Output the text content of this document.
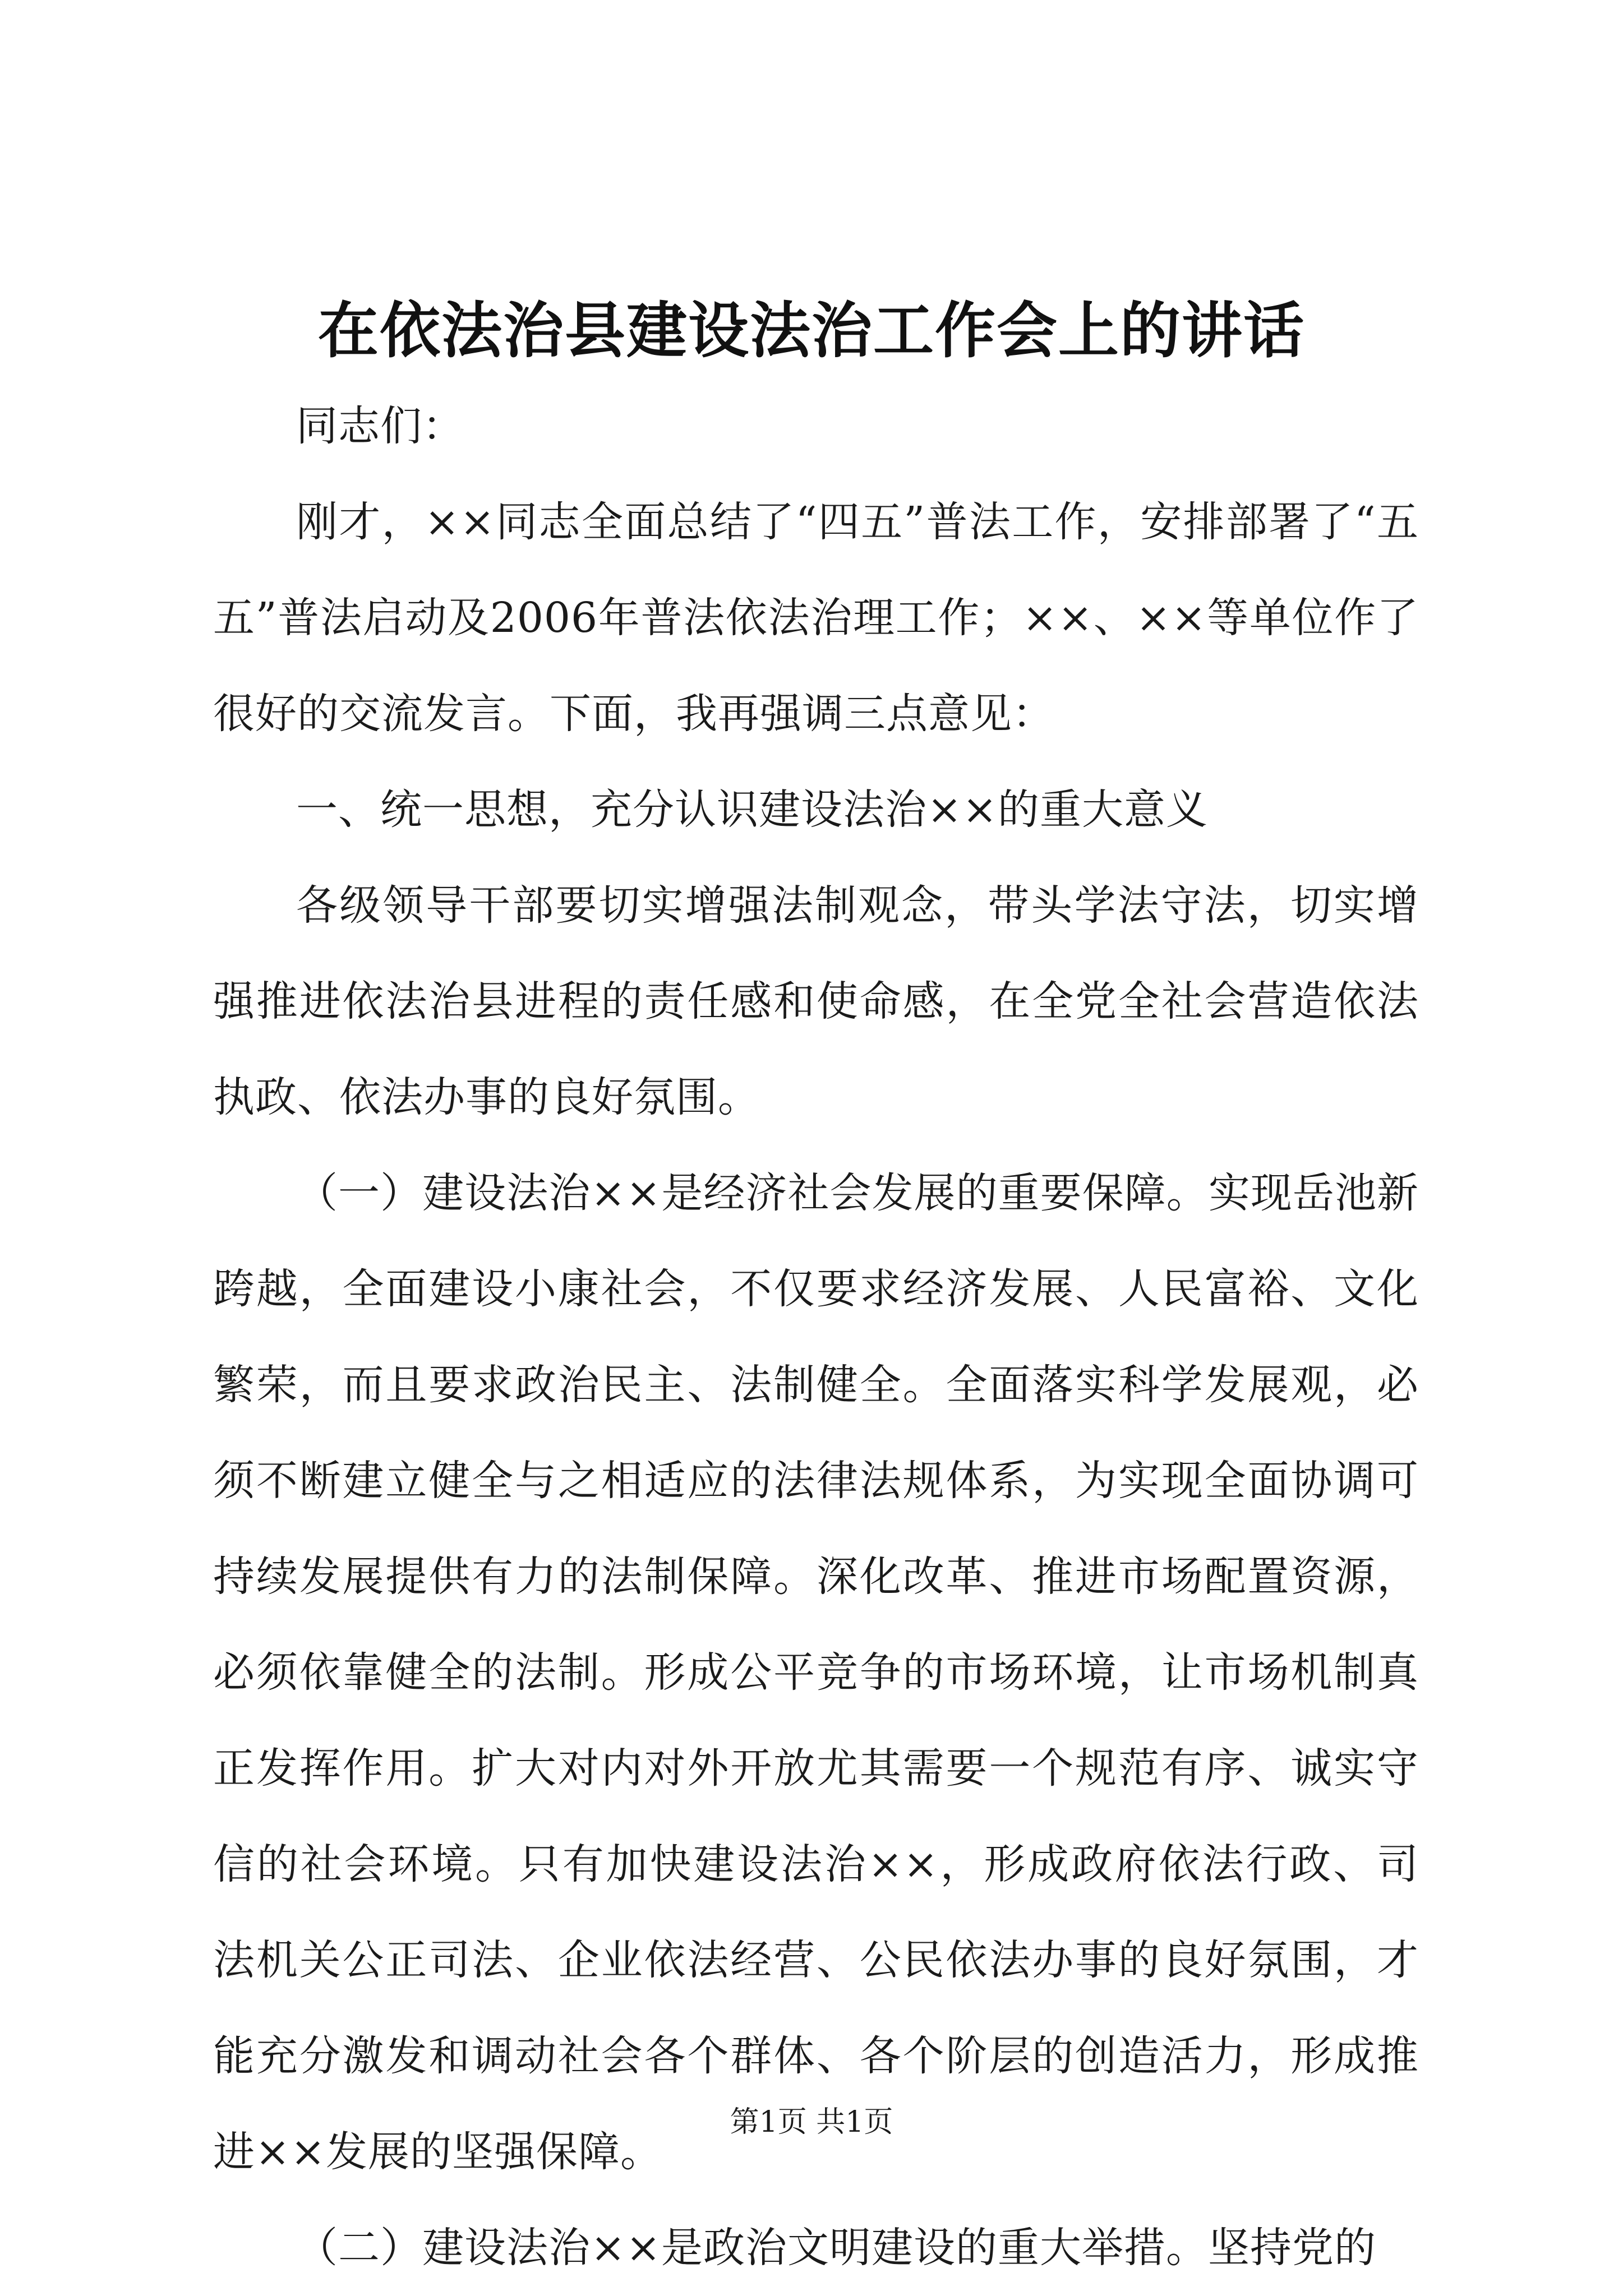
在依法治县建设法治工作会上的讲话

同志们：

刚才，××同志全面总结了“四五”普法工作，安排部署了“五五”普法启动及2006年普法依法治理工作；××、××等单位作了很好的交流发言。下面，我再强调三点意见：

一、统一思想，充分认识建设法治××的重大意义

各级领导干部要切实增强法制观念，带头学法守法，切实增强推进依法治县进程的责任感和使命感，在全党全社会营造依法执政、依法办事的良好氛围。

（一）建设法治××是经济社会发展的重要保障。实现岳池新跨越，全面建设小康社会，不仅要求经济发展、人民富裕、文化繁荣，而且要求政治民主、法制健全。全面落实科学发展观，必须不断建立健全与之相适应的法律法规体系，为实现全面协调可持续发展提供有力的法制保障。深化改革、推进市场配置资源，必须依靠健全的法制。形成公平竞争的市场环境，让市场机制真正发挥作用。扩大对内对外开放尤其需要一个规范有序、诚实守信的社会环境。只有加快建设法治××，形成政府依法行政、司法机关公正司法、企业依法经营、公民依法办事的良好氛围，才能充分激发和调动社会各个群体、各个阶层的创造活力，形成推进××发展的坚强保障。

（二）建设法治××是政治文明建设的重大举措。坚持党的

第1页 共1页
